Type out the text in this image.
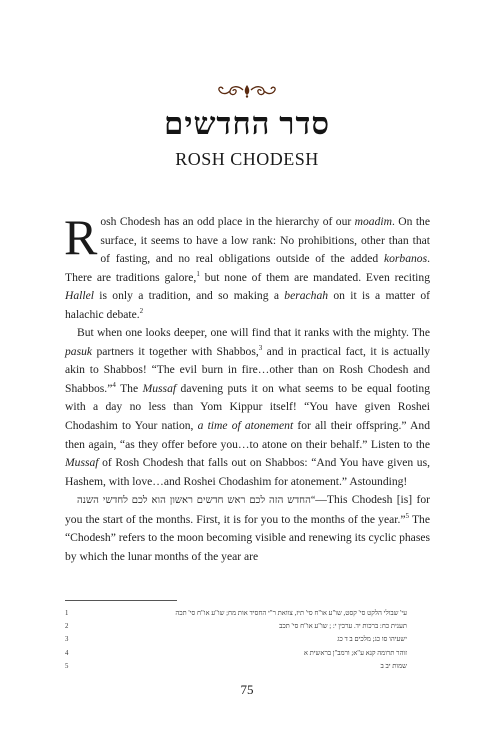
סדר החדשים
ROSH CHODESH

Rosh Chodesh has an odd place in the hierarchy of our moadim. On the surface, it seems to have a low rank: No prohibitions, other than that of fasting, and no real obligations outside of the added korbanos. There are traditions galore,$^1$ but none of them are mandated. Even reciting Hallel is only a tradition, and so making a berachah on it is a matter of halachic debate.$^2$

But when one looks deeper, one will find that it ranks with the mighty. The pasuk partners it together with Shabbos,$^3$ and in practical fact, it is actually akin to Shabbos! “The evil burn in fire…other than on Rosh Chodesh and Shabbos.”$^4$ The Mussaf davening puts it on what seems to be equal footing with a day no less than Yom Kippur itself! “You have given Roshei Chodashim to Your nation, a time of atonement for all their offspring.” And then again, “as they offer before you…to atone on their behalf.” Listen to the Mussaf of Rosh Chodesh that falls out on Shabbos: “And You have given us, Hashem, with love…and Roshei Chodashim for atonement.” Astounding!

“החדש הזה לכם ראש חדשים ראשון הוא לכם לחדשי השנה—This Chodesh [is] for you the start of the months. First, it is for you to the months of the year.”$^5$ The “Chodesh” refers to the moon becoming visible and renewing its cyclic phases by which the lunar months of the year are

1	עי' שבולי הלקט סי' קסט, שו"ע או"ח סי' תיז, צוואת ר"י החסיד אות מח; שו"ע או"ח סי' תכה
2	תענית כח: ברכות יד. ערכין י: ; שו"ע או"ח סי' תכב
3	ישעיהו סו כג; מלכים ב ד כג
4	זוהר תרומה קנא ע"א; ורמב"ן בראשית א
5	שמות יב ב
75
